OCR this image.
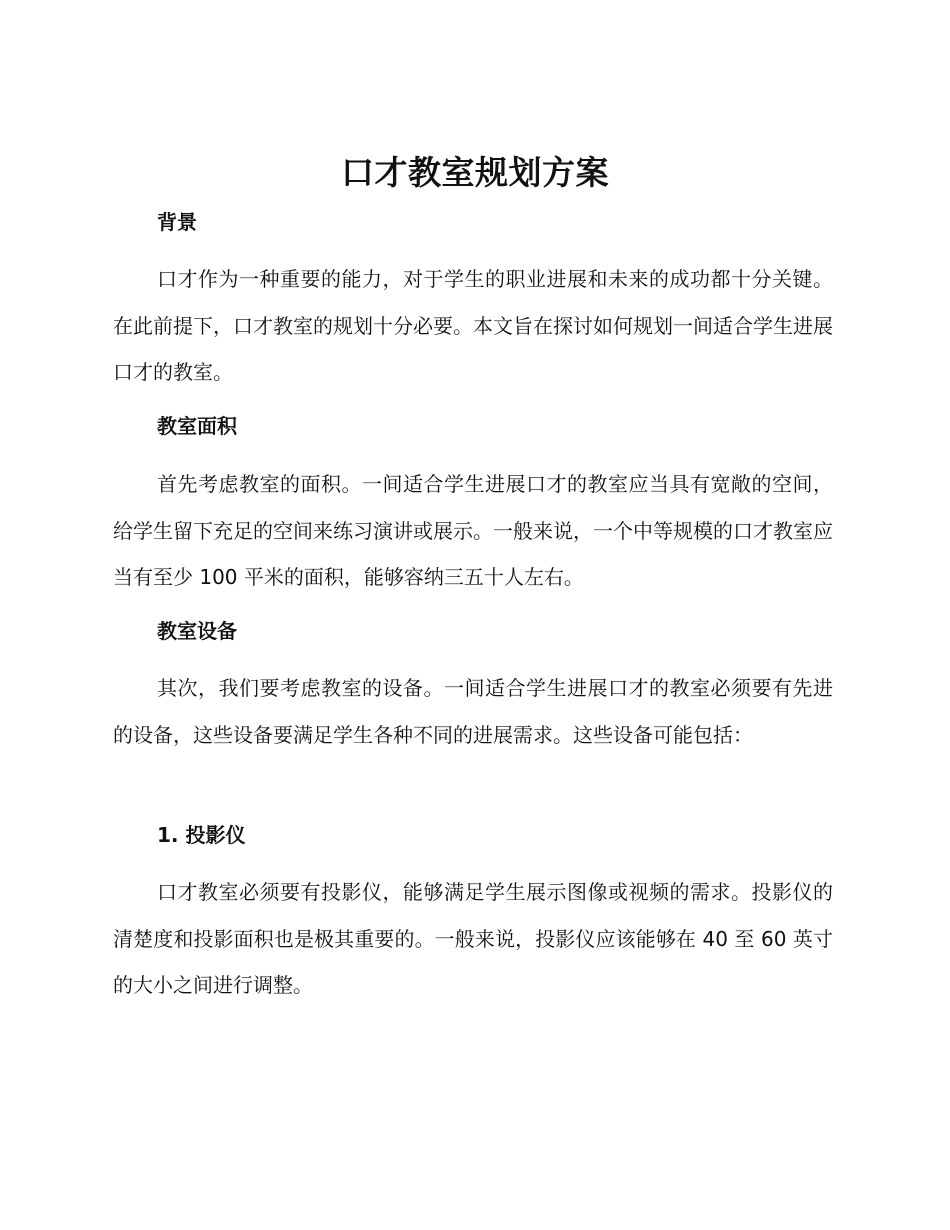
口才教室规划方案
背景
口才作为一种重要的能力，对于学生的职业进展和未来的成功都十分关键。在此前提下，口才教室的规划十分必要。本文旨在探讨如何规划一间适合学生进展口才的教室。
教室面积
首先考虑教室的面积。一间适合学生进展口才的教室应当具有宽敞的空间，给学生留下充足的空间来练习演讲或展示。一般来说，一个中等规模的口才教室应当有至少 100 平米的面积，能够容纳三五十人左右。
教室设备
其次，我们要考虑教室的设备。一间适合学生进展口才的教室必须要有先进的设备，这些设备要满足学生各种不同的进展需求。这些设备可能包括：
1. 投影仪
口才教室必须要有投影仪，能够满足学生展示图像或视频的需求。投影仪的清楚度和投影面积也是极其重要的。一般来说，投影仪应该能够在 40 至 60 英寸的大小之间进行调整。
